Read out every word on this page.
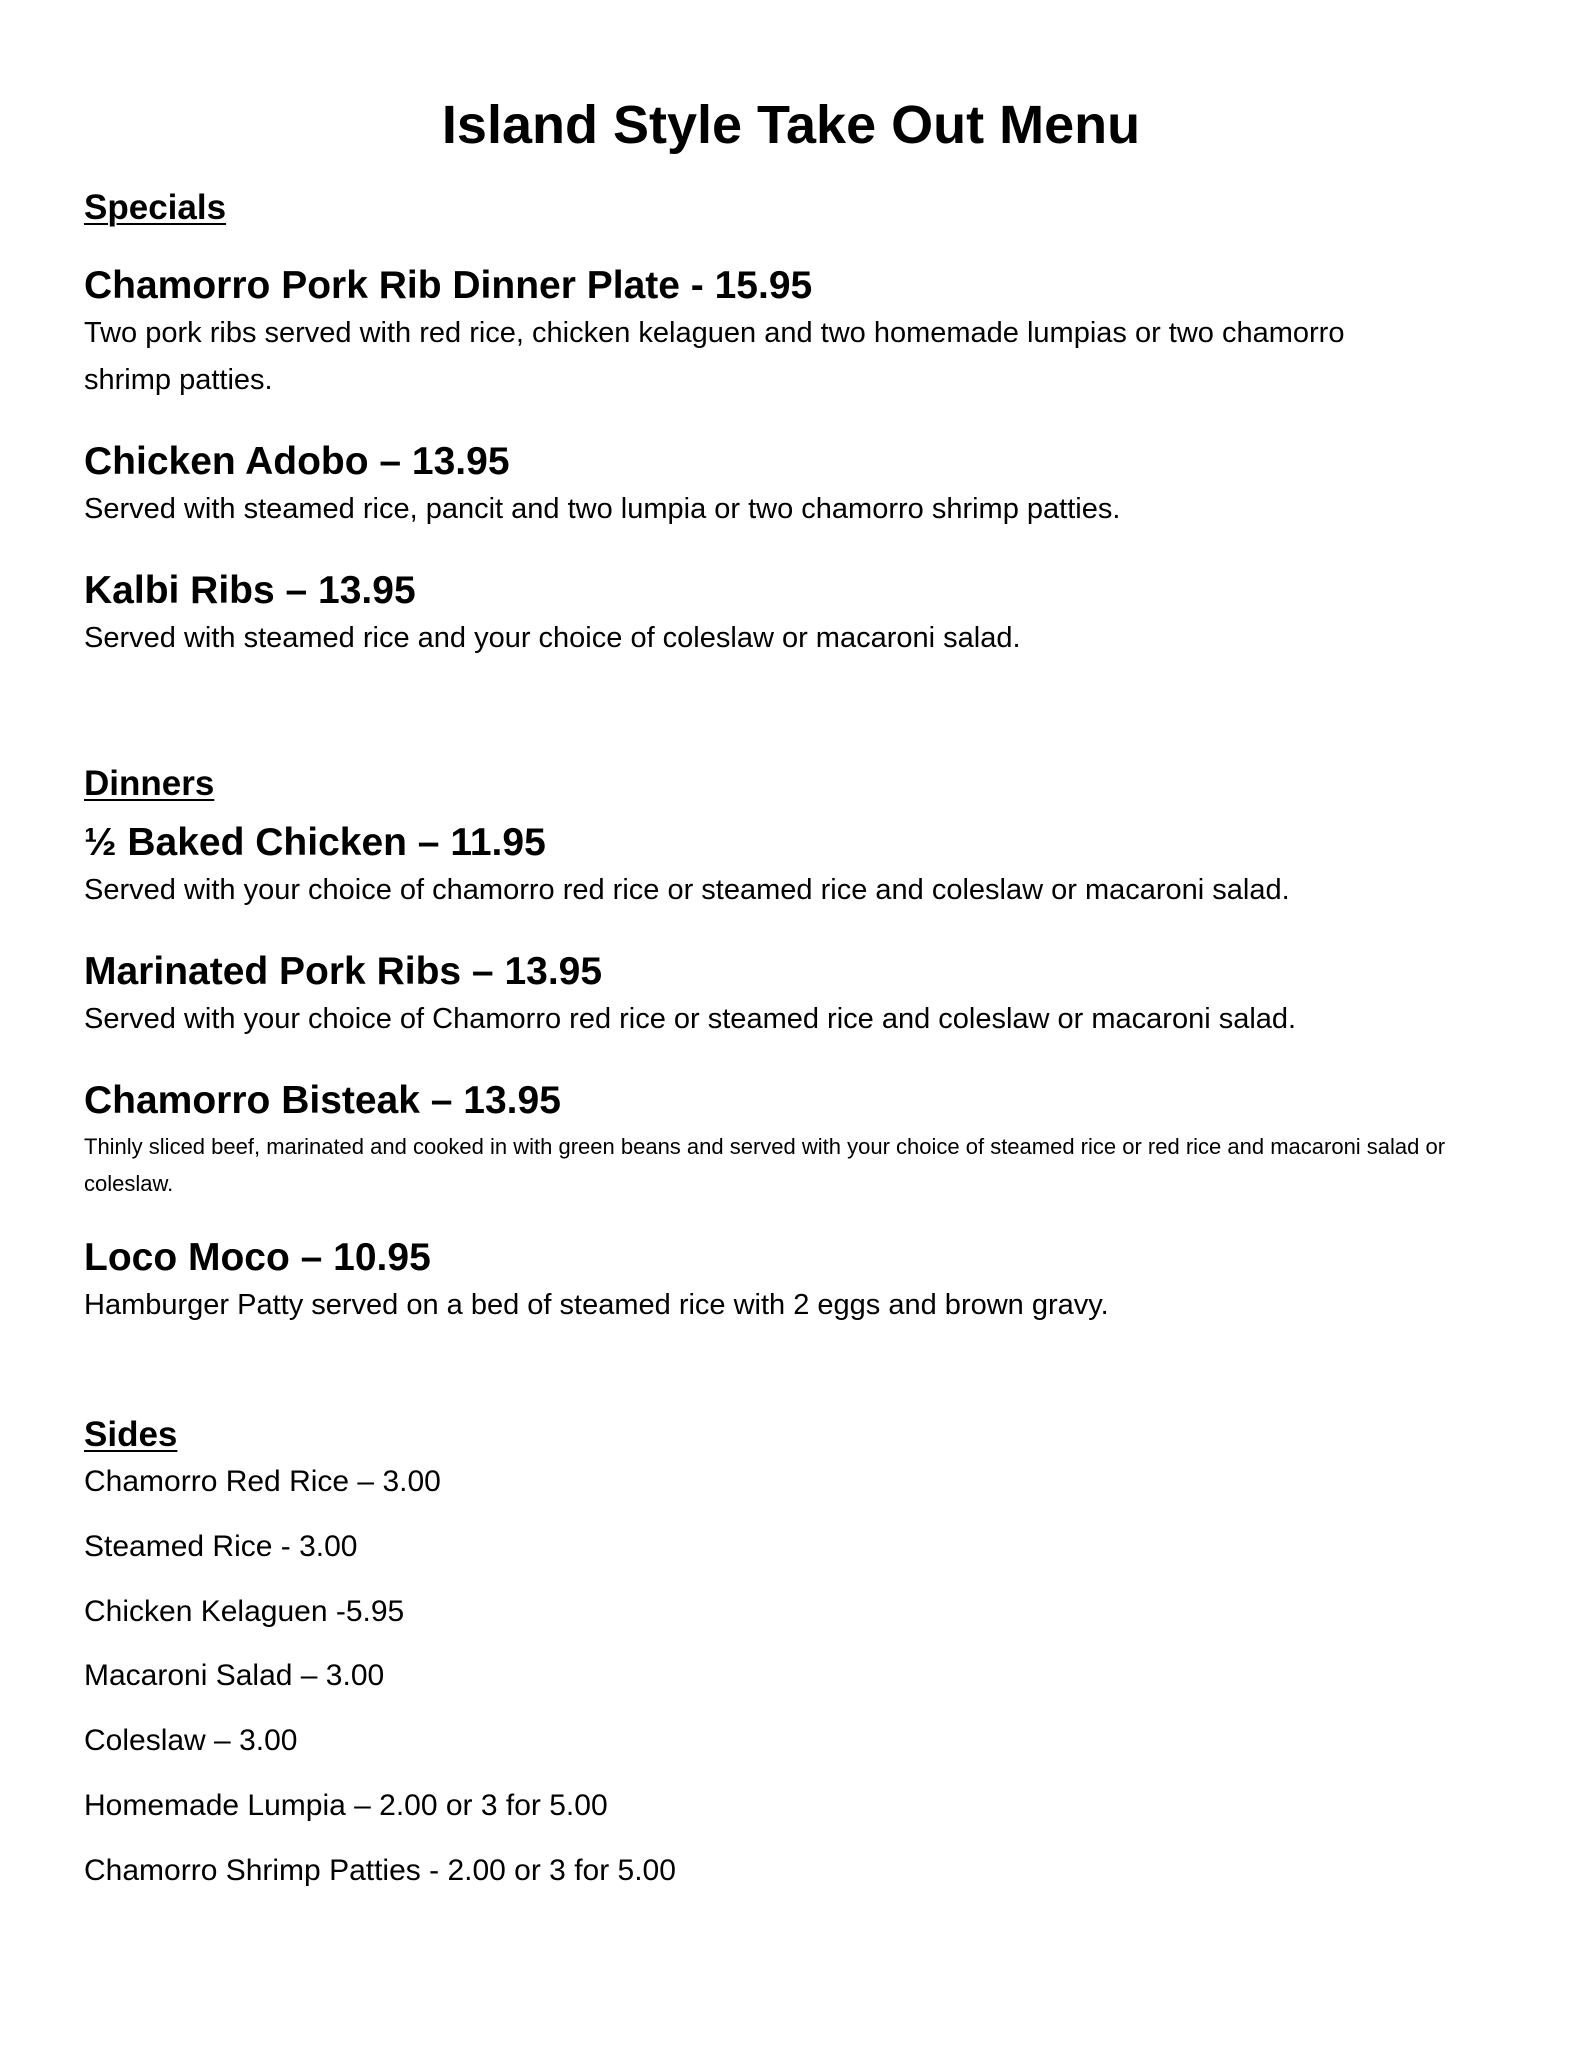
Island Style Take Out Menu
Specials

Chamorro Pork Rib Dinner Plate - 15.95

Two pork ribs served with red rice, chicken kelaguen and two homemade lumpias or two chamorro shrimp patties.

Chicken Adobo – 13.95

Served with steamed rice, pancit and two lumpia or two chamorro shrimp patties.

Kalbi Ribs – 13.95

Served with steamed rice and your choice of coleslaw or macaroni salad.

Dinners

½ Baked Chicken – 11.95

Served with your choice of chamorro red rice or steamed rice and coleslaw or macaroni salad.

Marinated Pork Ribs – 13.95

Served with your choice of Chamorro red rice or steamed rice and coleslaw or macaroni salad.

Chamorro Bisteak – 13.95

Thinly sliced beef, marinated and cooked in with green beans and served with your choice of steamed rice or red rice and macaroni salad or coleslaw.

Loco Moco – 10.95

Hamburger Patty served on a bed of steamed rice with 2 eggs and brown gravy.

Sides

Chamorro Red Rice – 3.00

Steamed Rice - 3.00

Chicken Kelaguen -5.95

Macaroni Salad – 3.00

Coleslaw – 3.00

Homemade Lumpia – 2.00 or 3 for 5.00

Chamorro Shrimp Patties - 2.00 or 3 for 5.00
